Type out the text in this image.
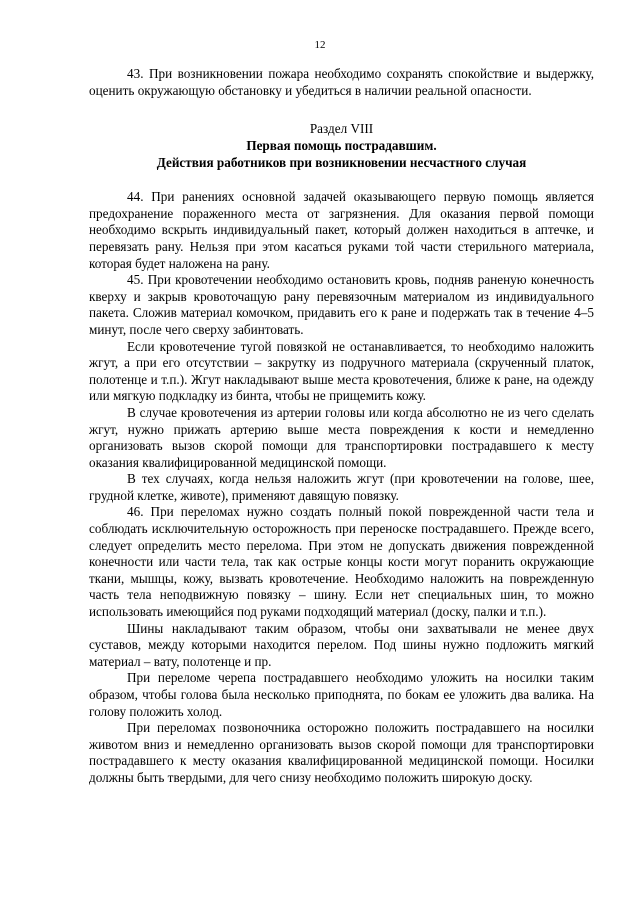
12

43. При возникновении пожара необходимо сохранять спокойствие и выдержку, оценить окружающую обстановку и убедиться в наличии реальной опасности.

Раздел VIII
Первая помощь пострадавшим.
Действия работников при возникновении несчастного случая

44. При ранениях основной задачей оказывающего первую помощь является предохранение пораженного места от загрязнения. Для оказания первой помощи необходимо вскрыть индивидуальный пакет, который должен находиться в аптечке, и перевязать рану. Нельзя при этом касаться руками той части стерильного материала, которая будет наложена на рану.

45. При кровотечении необходимо остановить кровь, подняв раненую конечность кверху и закрыв кровоточащую рану перевязочным материалом из индивидуального пакета. Сложив материал комочком, придавить его к ране и подержать так в течение 4–5 минут, после чего сверху забинтовать.

Если кровотечение тугой повязкой не останавливается, то необходимо наложить жгут, а при его отсутствии – закрутку из подручного материала (скрученный платок, полотенце и т.п.). Жгут накладывают выше места кровотечения, ближе к ране, на одежду или мягкую подкладку из бинта, чтобы не прищемить кожу.

В случае кровотечения из артерии головы или когда абсолютно не из чего сделать жгут, нужно прижать артерию выше места повреждения к кости и немедленно организовать вызов скорой помощи для транспортировки пострадавшего к месту оказания квалифицированной медицинской помощи.

В тех случаях, когда нельзя наложить жгут (при кровотечении на голове, шее, грудной клетке, животе), применяют давящую повязку.

46. При переломах нужно создать полный покой поврежденной части тела и соблюдать исключительную осторожность при переноске пострадавшего. Прежде всего, следует определить место перелома. При этом не допускать движения поврежденной конечности или части тела, так как острые концы кости могут поранить окружающие ткани, мышцы, кожу, вызвать кровотечение. Необходимо наложить на поврежденную часть тела неподвижную повязку – шину. Если нет специальных шин, то можно использовать имеющийся под руками подходящий материал (доску, палки и т.п.).

Шины накладывают таким образом, чтобы они захватывали не менее двух суставов, между которыми находится перелом. Под шины нужно подложить мягкий материал – вату, полотенце и пр.

При переломе черепа пострадавшего необходимо уложить на носилки таким образом, чтобы голова была несколько приподнята, по бокам ее уложить два валика. На голову положить холод.

При переломах позвоночника осторожно положить пострадавшего на носилки животом вниз и немедленно организовать вызов скорой помощи для транспортировки пострадавшего к месту оказания квалифицированной медицинской помощи. Носилки должны быть твердыми, для чего снизу необходимо положить широкую доску.
